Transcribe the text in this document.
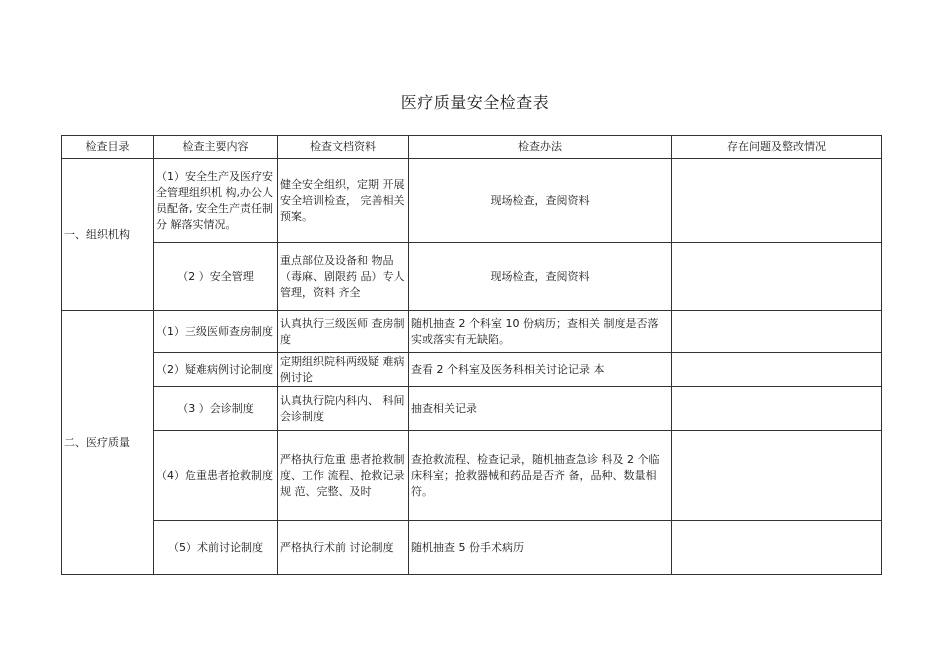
医疗质量安全检查表
检查目录	检查主要内容	检查文档资料	检查办法	存在问题及整改情况
一、组织机构	（1）安全生产及医疗安全管理组织机 构,办公人员配备, 安全生产责任制分 解落实情况。	健全安全组织，定期 开展安全培训检查， 完善相关预案。	现场检查，查阅资料	
	（2 ）安全管理	重点部位及设备和 物品（毒麻、剧限药 品）专人管理，资料 齐全	现场检查，查阅资料	
二、医疗质量	（1）三级医师查房制度	认真执行三级医师 查房制度	随机抽查 2 个科室 10 份病历；查相关 制度是否落实或落实有无缺陷。	
	（2）疑难病例讨论制度	定期组织院科两级疑 难病例讨论	查看 2 个科室及医务科相关讨论记录 本	
	（3 ）会诊制度	认真执行院内科内、 科间会诊制度	抽查相关记录	
	（4）危重患者抢救制度	严格执行危重 患者抢救制度、工作 流程、抢救记录规 范、完整、及时	查抢救流程、检查记录，随机抽查急诊 科及 2 个临床科室；抢救器械和药品是否齐 备，品种、数量相符。	
	（5）术前讨论制度	严格执行术前 讨论制度	随机抽查 5 份手术病历	
